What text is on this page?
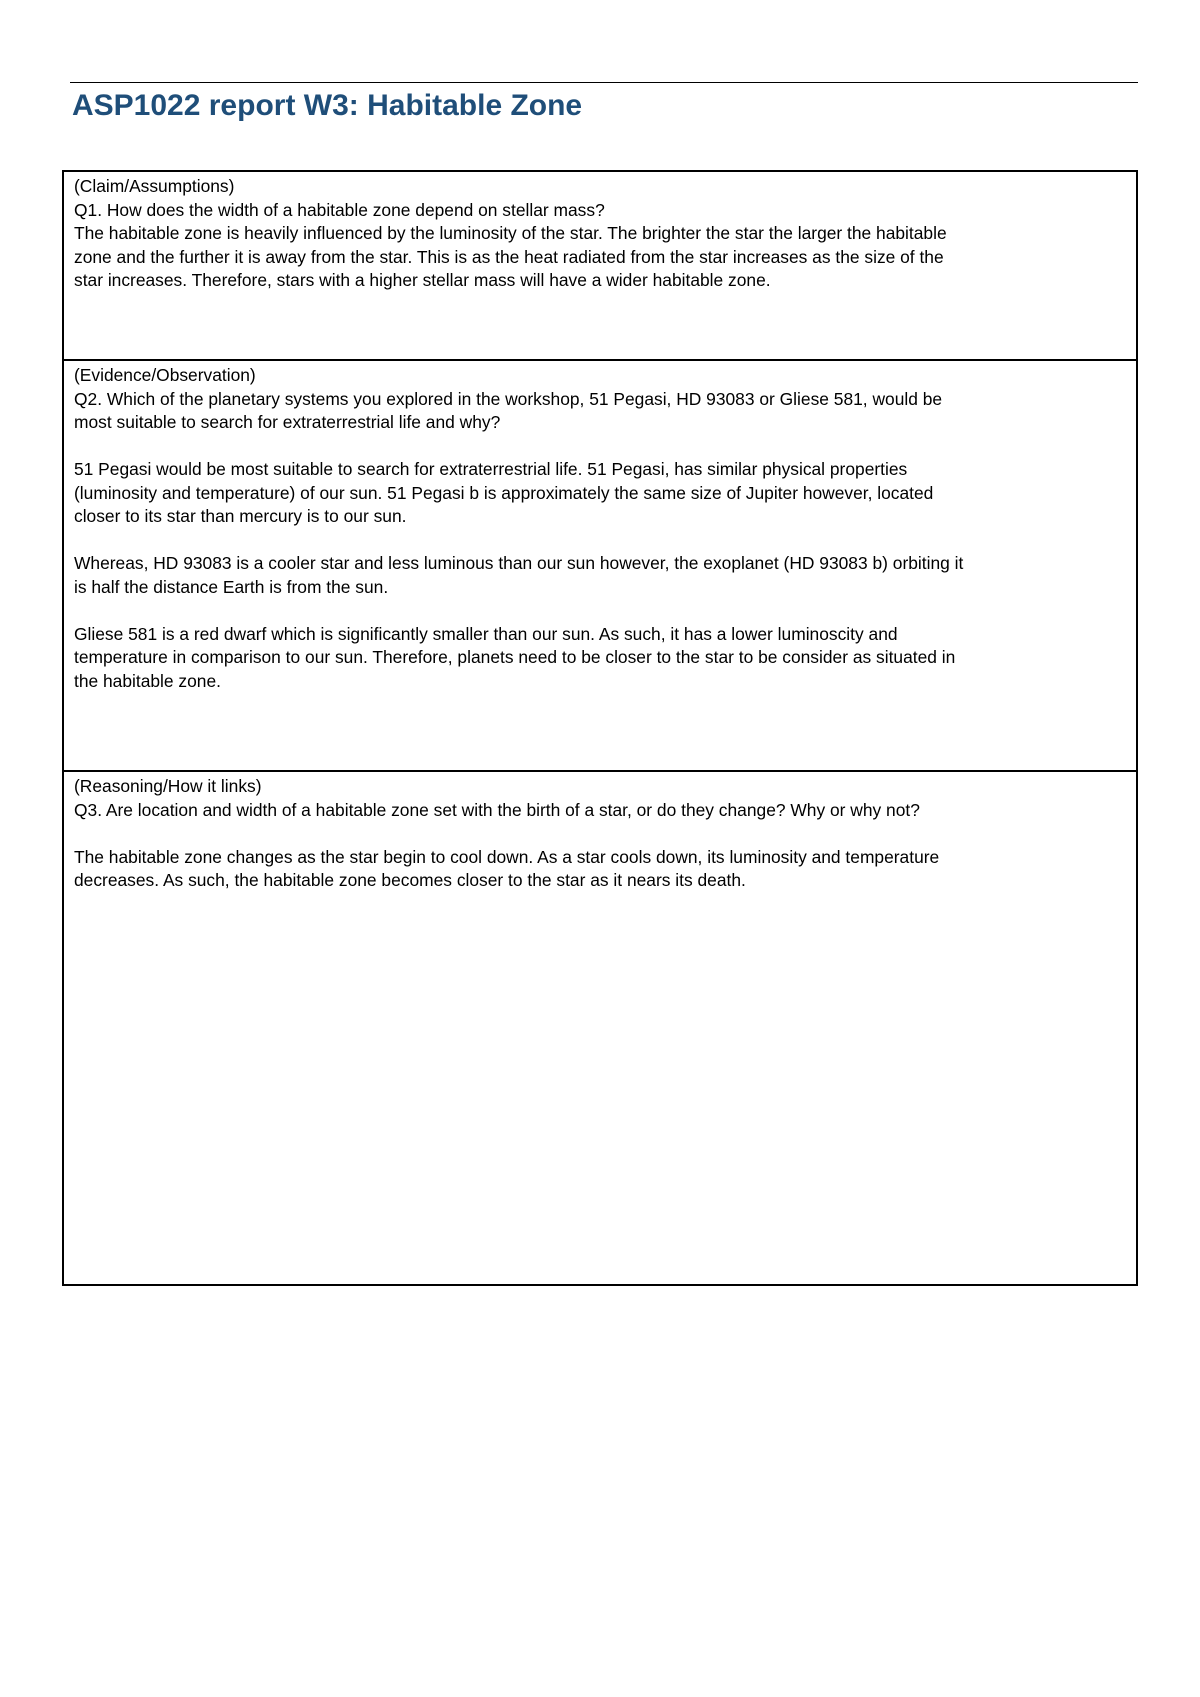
ASP1022 report W3: Habitable Zone

(Claim/Assumptions)

Q1. How does the width of a habitable zone depend on stellar mass?

The habitable zone is heavily influenced by the luminosity of the star. The brighter the star the larger the habitable

zone and the further it is away from the star. This is as the heat radiated from the star increases as the size of the

star increases. Therefore, stars with a higher stellar mass will have a wider habitable zone.

(Evidence/Observation)

Q2. Which of the planetary systems you explored in the workshop, 51 Pegasi, HD 93083 or Gliese 581, would be

most suitable to search for extraterrestrial life and why?

51 Pegasi would be most suitable to search for extraterrestrial life. 51 Pegasi, has similar physical properties

(luminosity and temperature) of our sun. 51 Pegasi b is approximately the same size of Jupiter however, located

closer to its star than mercury is to our sun.

Whereas, HD 93083 is a cooler star and less luminous than our sun however, the exoplanet (HD 93083 b) orbiting it

is half the distance Earth is from the sun.

Gliese 581 is a red dwarf which is significantly smaller than our sun. As such, it has a lower luminoscity and

temperature in comparison to our sun. Therefore, planets need to be closer to the star to be consider as situated in

the habitable zone.

(Reasoning/How it links)

Q3. Are location and width of a habitable zone set with the birth of a star, or do they change? Why or why not?

The habitable zone changes as the star begin to cool down. As a star cools down, its luminosity and temperature

decreases. As such, the habitable zone becomes closer to the star as it nears its death.
